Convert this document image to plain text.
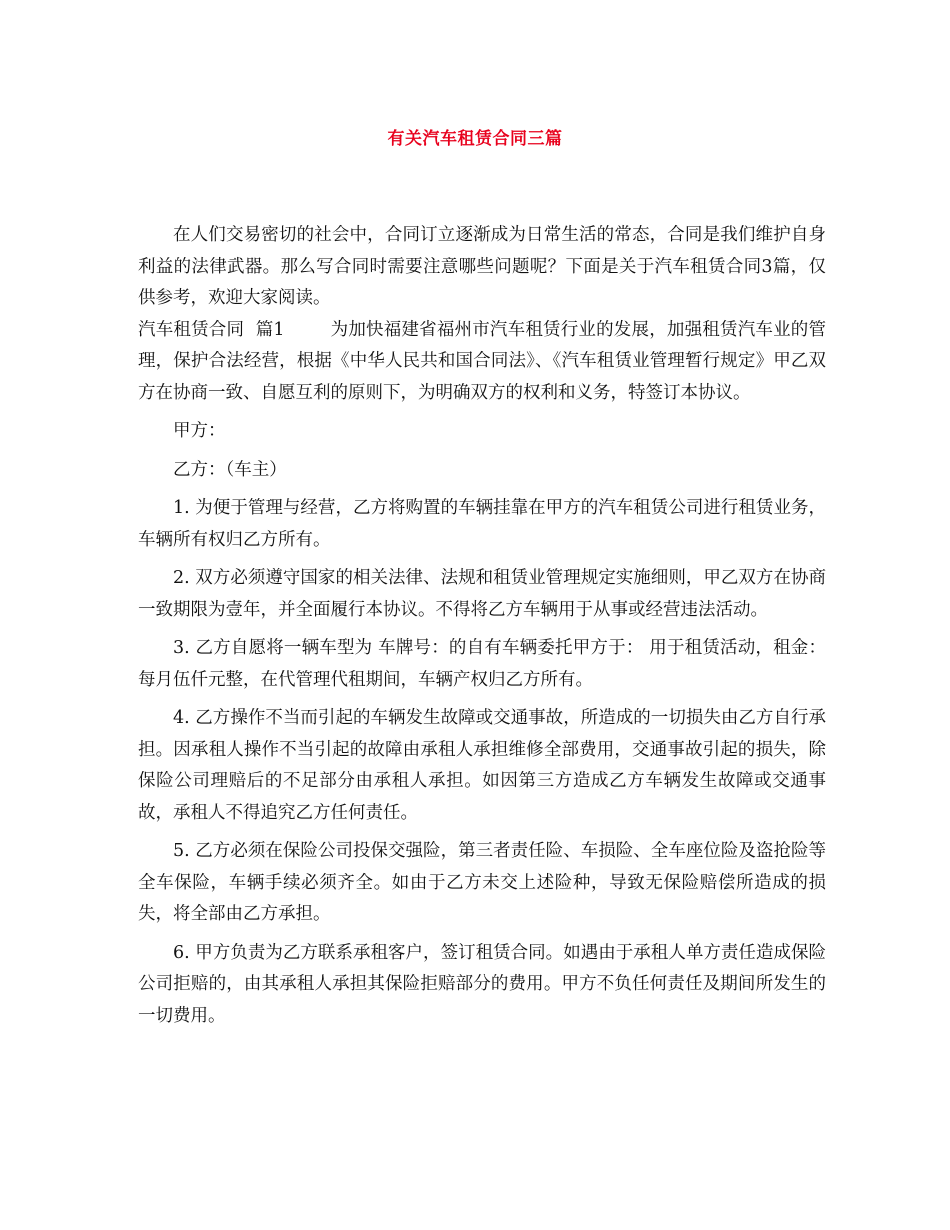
有关汽车租赁合同三篇

在人们交易密切的社会中，合同订立逐渐成为日常生活的常态，合同是我们维护自身利益的法律武器。那么写合同时需要注意哪些问题呢？下面是关于汽车租赁合同3篇，仅供参考，欢迎大家阅读。

汽车租赁合同  篇1	为加快福建省福州市汽车租赁行业的发展，加强租赁汽车业的管理，保护合法经营，根据《中华人民共和国合同法》、《汽车租赁业管理暂行规定》甲乙双方在协商一致、自愿互利的原则下，为明确双方的权利和义务，特签订本协议。

甲方：

乙方：（车主）

1. 为便于管理与经营，乙方将购置的车辆挂靠在甲方的汽车租赁公司进行租赁业务，车辆所有权归乙方所有。

2. 双方必须遵守国家的相关法律、法规和租赁业管理规定实施细则，甲乙双方在协商一致期限为壹年，并全面履行本协议。不得将乙方车辆用于从事或经营违法活动。

3. 乙方自愿将一辆车型为 车牌号：的自有车辆委托甲方于： 用于租赁活动，租金：每月伍仟元整，在代管理代租期间，车辆产权归乙方所有。

4. 乙方操作不当而引起的车辆发生故障或交通事故，所造成的一切损失由乙方自行承担。因承租人操作不当引起的故障由承租人承担维修全部费用，交通事故引起的损失，除保险公司理赔后的不足部分由承租人承担。如因第三方造成乙方车辆发生故障或交通事故，承租人不得追究乙方任何责任。

5. 乙方必须在保险公司投保交强险，第三者责任险、车损险、全车座位险及盗抢险等全车保险，车辆手续必须齐全。如由于乙方未交上述险种，导致无保险赔偿所造成的损失，将全部由乙方承担。

6. 甲方负责为乙方联系承租客户，签订租赁合同。如遇由于承租人单方责任造成保险公司拒赔的，由其承租人承担其保险拒赔部分的费用。甲方不负任何责任及期间所发生的一切费用。
